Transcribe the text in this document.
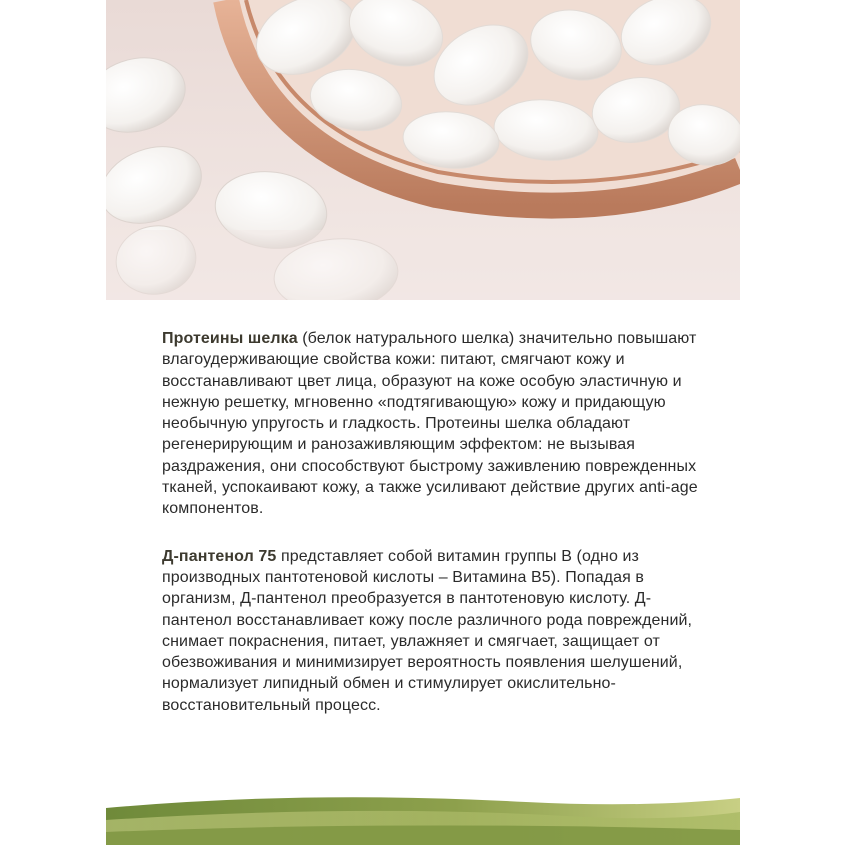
Протеины шелка (белок натурального шелка) значительно повышают влагоудерживающие свойства кожи: питают, смягчают кожу и восстанавливают цвет лица, образуют на коже особую эластичную и нежную решетку, мгновенно «подтягивающую» кожу и придающую необычную упругость и гладкость. Протеины шелка обладают регенерирующим и ранозаживляющим эффектом: не вызывая раздражения, они способствуют быстрому заживлению поврежденных тканей, успокаивают кожу, а также усиливают действие других anti-age компонентов.

Д-пантенол 75 представляет собой витамин группы B (одно из производных пантотеновой кислоты – Витамина B5). Попадая в организм, Д-пантенол преобразуется в пантотеновую кислоту. Д-пантенол восстанавливает кожу после различного рода повреждений, снимает покраснения, питает, увлажняет и смягчает, защищает от обезвоживания и минимизирует вероятность появления шелушений, нормализует липидный обмен и стимулирует окислительно-восстановительный процесс.
